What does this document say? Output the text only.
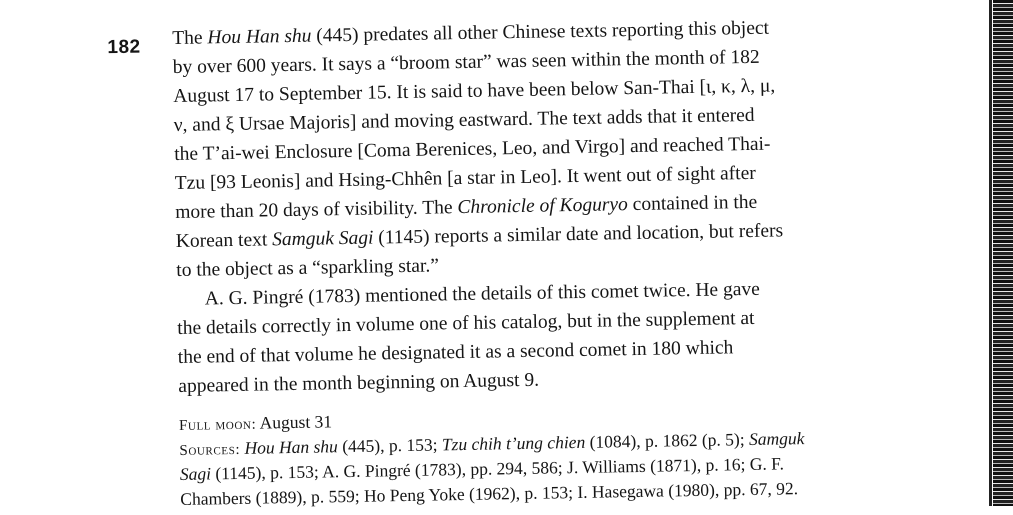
182 The Hou Han shu (445) predates all other Chinese texts reporting this object
by over 600 years. It says a “broom star” was seen within the month of 182
August 17 to September 15. It is said to have been below San-Thai [ι, κ, λ, μ,
ν, and ξ Ursae Majoris] and moving eastward. The text adds that it entered
the T’ai-wei Enclosure [Coma Berenices, Leo, and Virgo] and reached Thai-
Tzu [93 Leonis] and Hsing-Chhên [a star in Leo]. It went out of sight after
more than 20 days of visibility. The Chronicle of Koguryo contained in the
Korean text Samguk Sagi (1145) reports a similar date and location, but refers
to the object as a “sparkling star.”
A. G. Pingré (1783) mentioned the details of this comet twice. He gave
the details correctly in volume one of his catalog, but in the supplement at
the end of that volume he designated it as a second comet in 180 which
appeared in the month beginning on August 9.
Full moon: August 31
Sources: Hou Han shu (445), p. 153; Tzu chih t’ung chien (1084), p. 1862 (p. 5); Samguk
Sagi (1145), p. 153; A. G. Pingré (1783), pp. 294, 586; J. Williams (1871), p. 16; G. F.
Chambers (1889), p. 559; Ho Peng Yoke (1962), p. 153; I. Hasegawa (1980), pp. 67, 92.
